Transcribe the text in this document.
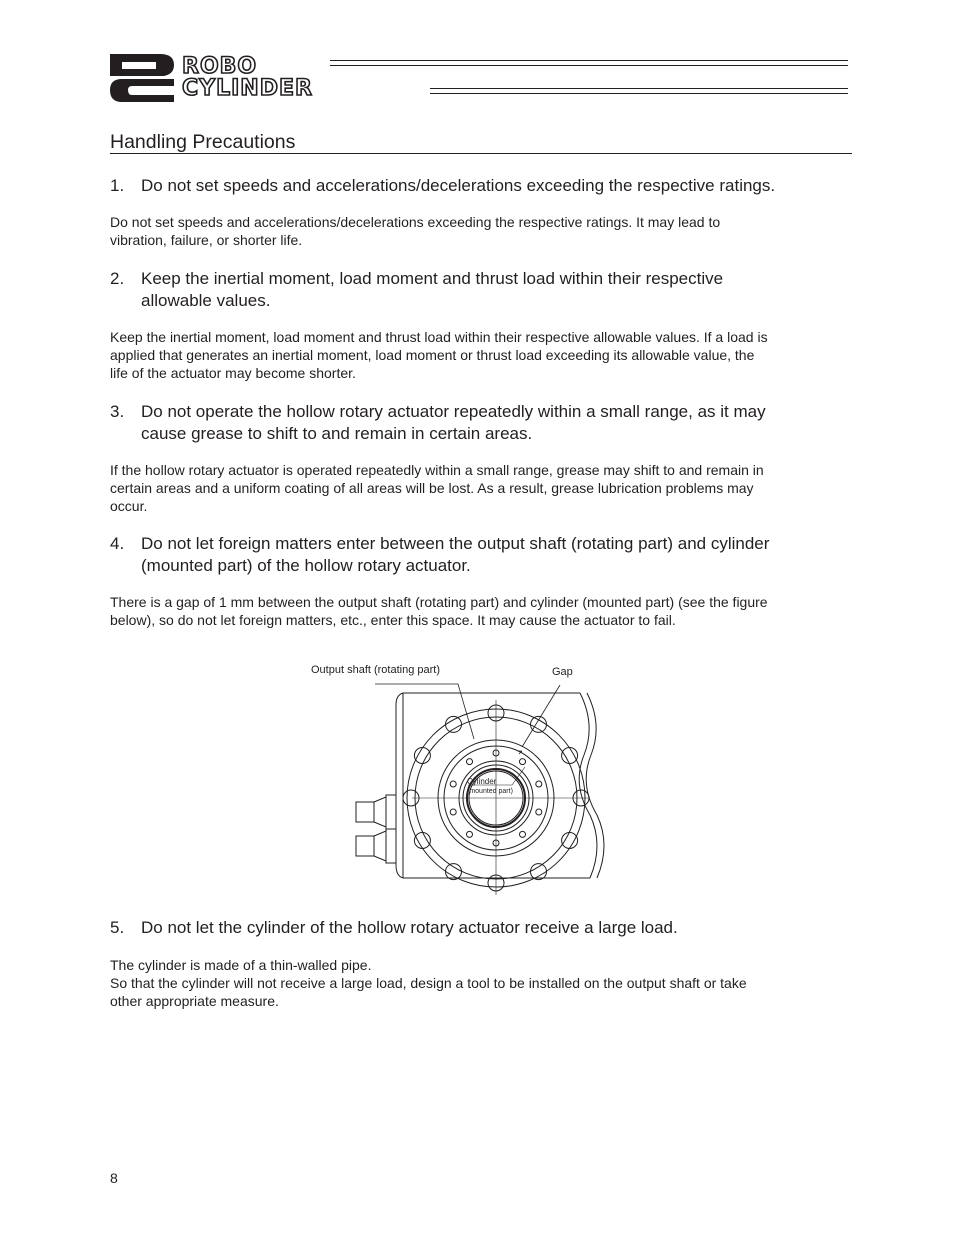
ROBO
CYLINDER
Handling Precautions
1. Do not set speeds and accelerations/decelerations exceeding the respective ratings.

Do not set speeds and accelerations/decelerations exceeding the respective ratings. It may lead to
vibration, failure, or shorter life.

2. Keep the inertial moment, load moment and thrust load within their respective
allowable values.

Keep the inertial moment, load moment and thrust load within their respective allowable values. If a load is
applied that generates an inertial moment, load moment or thrust load exceeding its allowable value, the
life of the actuator may become shorter.

3. Do not operate the hollow rotary actuator repeatedly within a small range, as it may
cause grease to shift to and remain in certain areas.

If the hollow rotary actuator is operated repeatedly within a small range, grease may shift to and remain in
certain areas and a uniform coating of all areas will be lost. As a result, grease lubrication problems may
occur.

4. Do not let foreign matters enter between the output shaft (rotating part) and cylinder
(mounted part) of the hollow rotary actuator.

There is a gap of 1 mm between the output shaft (rotating part) and cylinder (mounted part) (see the figure
below), so do not let foreign matters, etc., enter this space. It may cause the actuator to fail.

Output shaft (rotating part)	Gap
Cylinder
(mounted part)
5. Do not let the cylinder of the hollow rotary actuator receive a large load.

The cylinder is made of a thin-walled pipe.
So that the cylinder will not receive a large load, design a tool to be installed on the output shaft or take
other appropriate measure.

8
